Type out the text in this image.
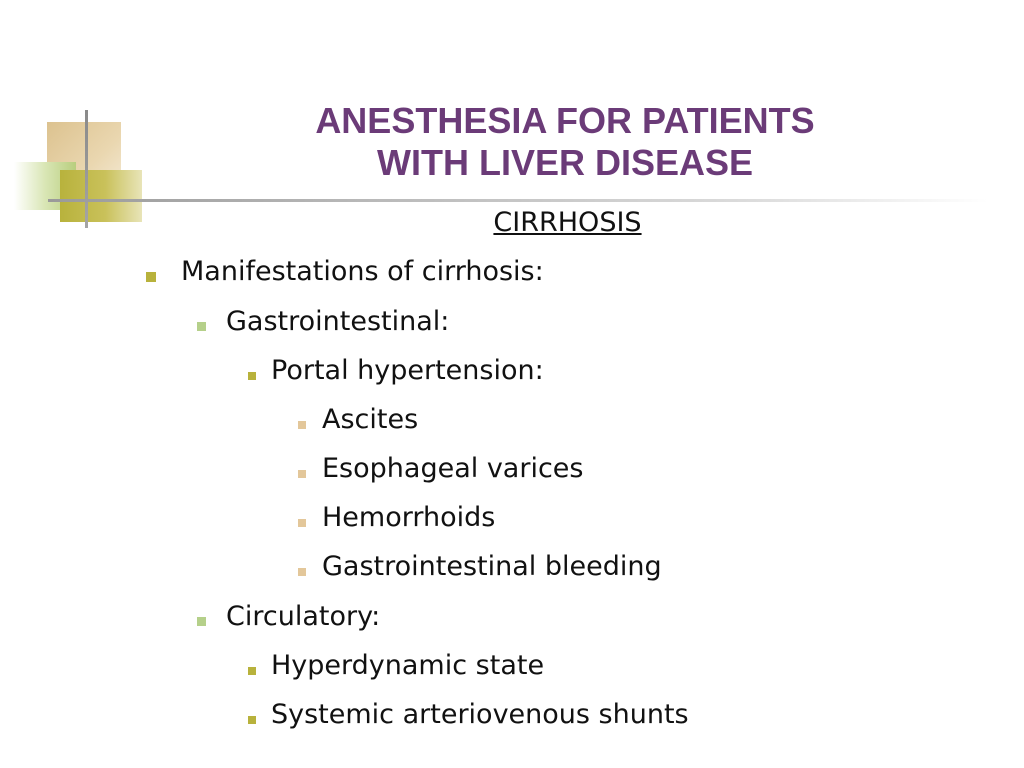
ANESTHESIA FOR PATIENTS
WITH LIVER DISEASE
CIRRHOSIS
Manifestations of cirrhosis:
Gastrointestinal:
Portal hypertension:
Ascites
Esophageal varices
Hemorrhoids
Gastrointestinal bleeding
Circulatory:
Hyperdynamic state
Systemic arteriovenous shunts
